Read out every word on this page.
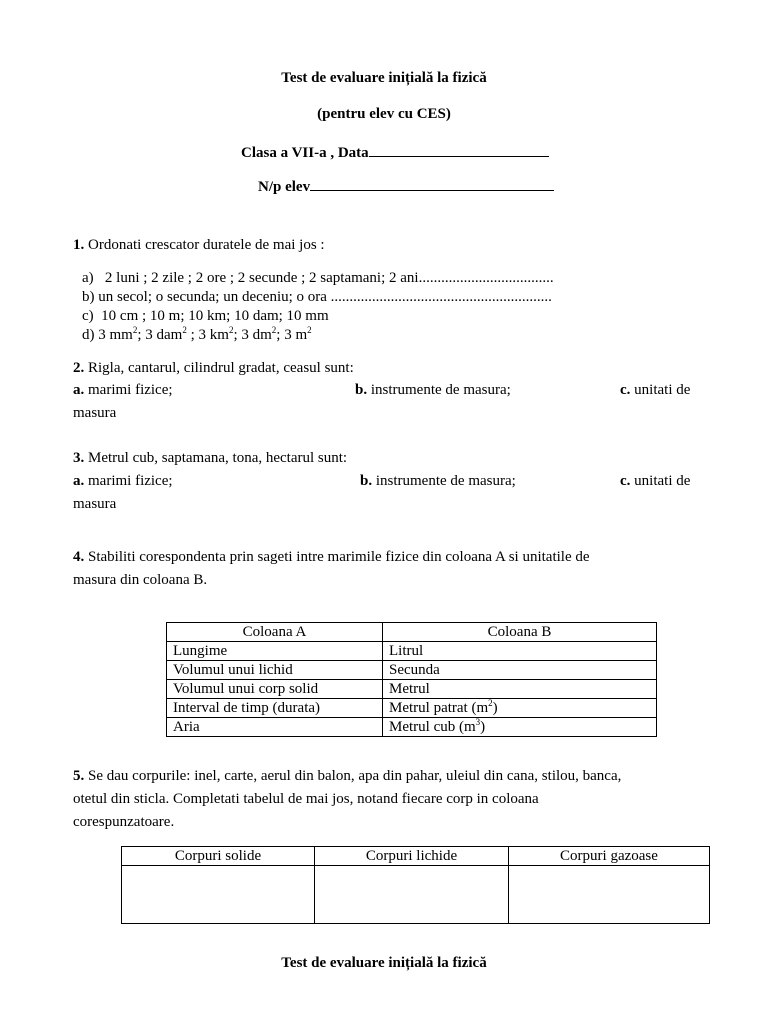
Test de evaluare inițială la fizică
(pentru elev cu CES)
Clasa a VII-a , Data
N/p elev
1. Ordonati crescator duratele de mai jos :
a) 2 luni ; 2 zile ; 2 ore ; 2 secunde ; 2 saptamani; 2 ani....................................
b) un secol; o secunda; un deceniu; o ora ...........................................................
c) 10 cm ; 10 m; 10 km; 10 dam; 10 mm
d) 3 $mm^2$; 3 dam$^2$ ; 3 $km^2$; 3 $dm^2$; 3 $m^2$
2. Rigla, cantarul, cilindrul gradat, ceasul sunt:
a. marimi fizice;	b. instrumente de masura;	c. unitati de
masura
3. Metrul cub, saptamana, tona, hectarul sunt:
a. marimi fizice;	b. instrumente de masura;	c. unitati de
masura
4. Stabiliti corespondenta prin sageti intre marimile fizice din coloana A si unitatile de
masura din coloana B.
Coloana A	Coloana B
Lungime	Litrul
Volumul unui lichid	Secunda
Volumul unui corp solid	Metrul
Interval de timp (durata)	Metrul patrat $(m^2)$
Aria	Metrul cub $(m^3)$
5. Se dau corpurile: inel, carte, aerul din balon, apa din pahar, uleiul din cana, stilou, banca,
otetul din sticla. Completati tabelul de mai jos, notand fiecare corp in coloana
corespunzatoare.
Corpuri solide	Corpuri lichide	Corpuri gazoase

Test de evaluare inițială la fizică
